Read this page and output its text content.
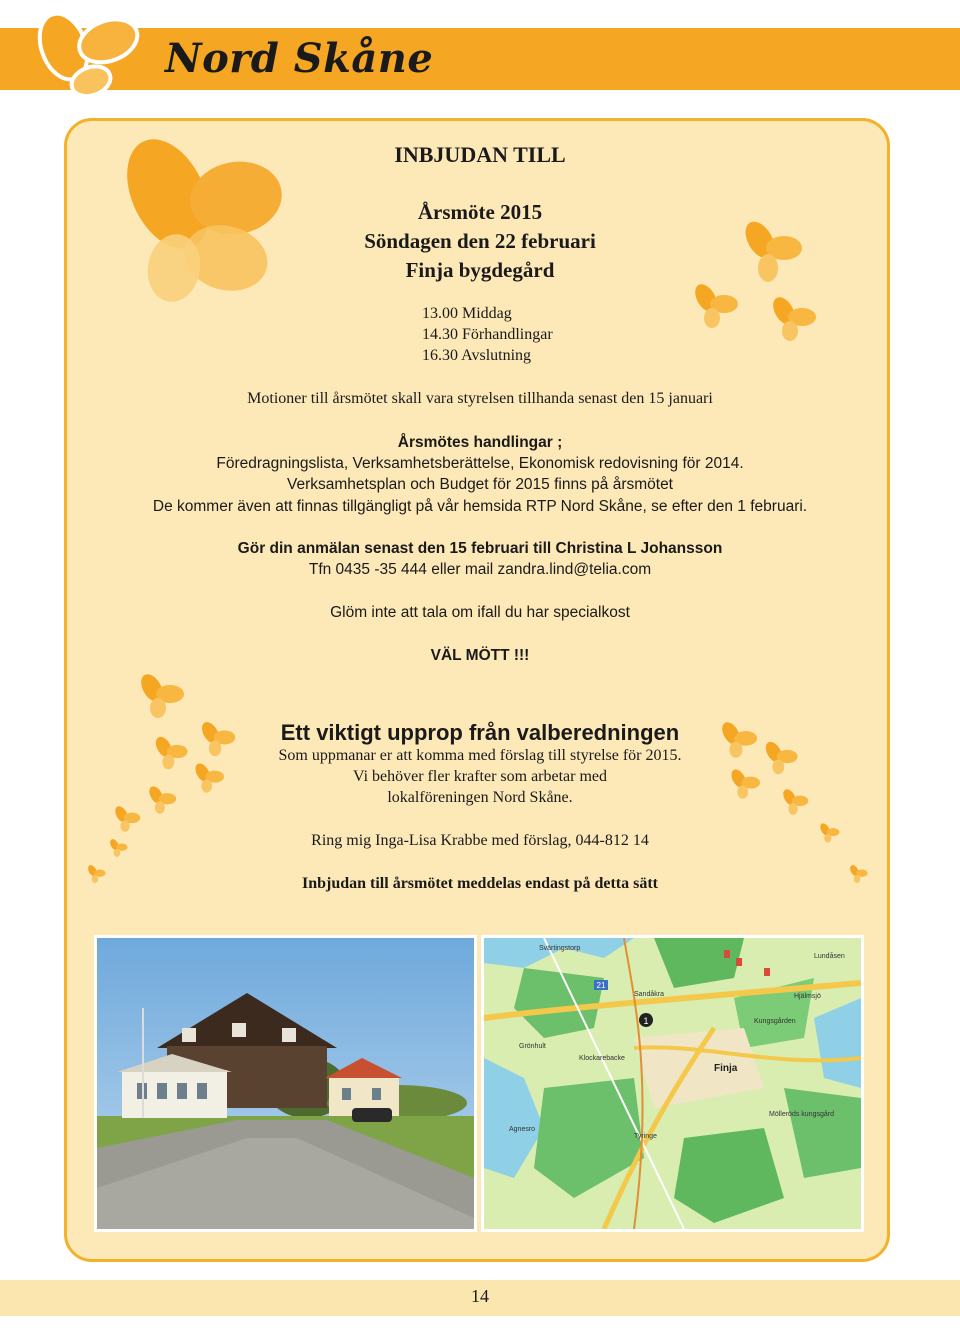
Nord Skåne
INBJUDAN TILL
Årsmöte 2015
Söndagen den 22 februari
Finja bygdegård
13.00 Middag
14.30 Förhandlingar
16.30 Avslutning
Motioner till årsmötet skall vara styrelsen tillhanda senast den 15 januari
Årsmötes handlingar ;
Föredragningslista, Verksamhetsberättelse, Ekonomisk redovisning för 2014.
Verksamhetsplan och Budget för 2015 finns på årsmötet
De kommer även att finnas tillgängligt på vår hemsida RTP Nord Skåne, se efter den 1 februari.
Gör din anmälan senast den 15 februari till Christina L Johansson
Tfn 0435 -35 444 eller mail zandra.lind@telia.com
Glöm inte att tala om ifall du har specialkost
VÄL MÖTT !!!
Ett viktigt upprop från valberedningen
Som uppmanar er att komma med förslag till styrelse för 2015.
Vi behöver fler krafter som arbetar med
lokalföreningen Nord Skåne.
Ring mig Inga-Lisa Krabbe med förslag, 044-812 14
Inbjudan till årsmötet meddelas endast på detta sätt
1
21
Svärtingstorp
Sandåkra
Grönhult
Klockarebacke
Finja
Agnesro
Mölleröds kungsgård
Tyringe
Lundåsen
Kungsgården
Hjälmsjö
14
